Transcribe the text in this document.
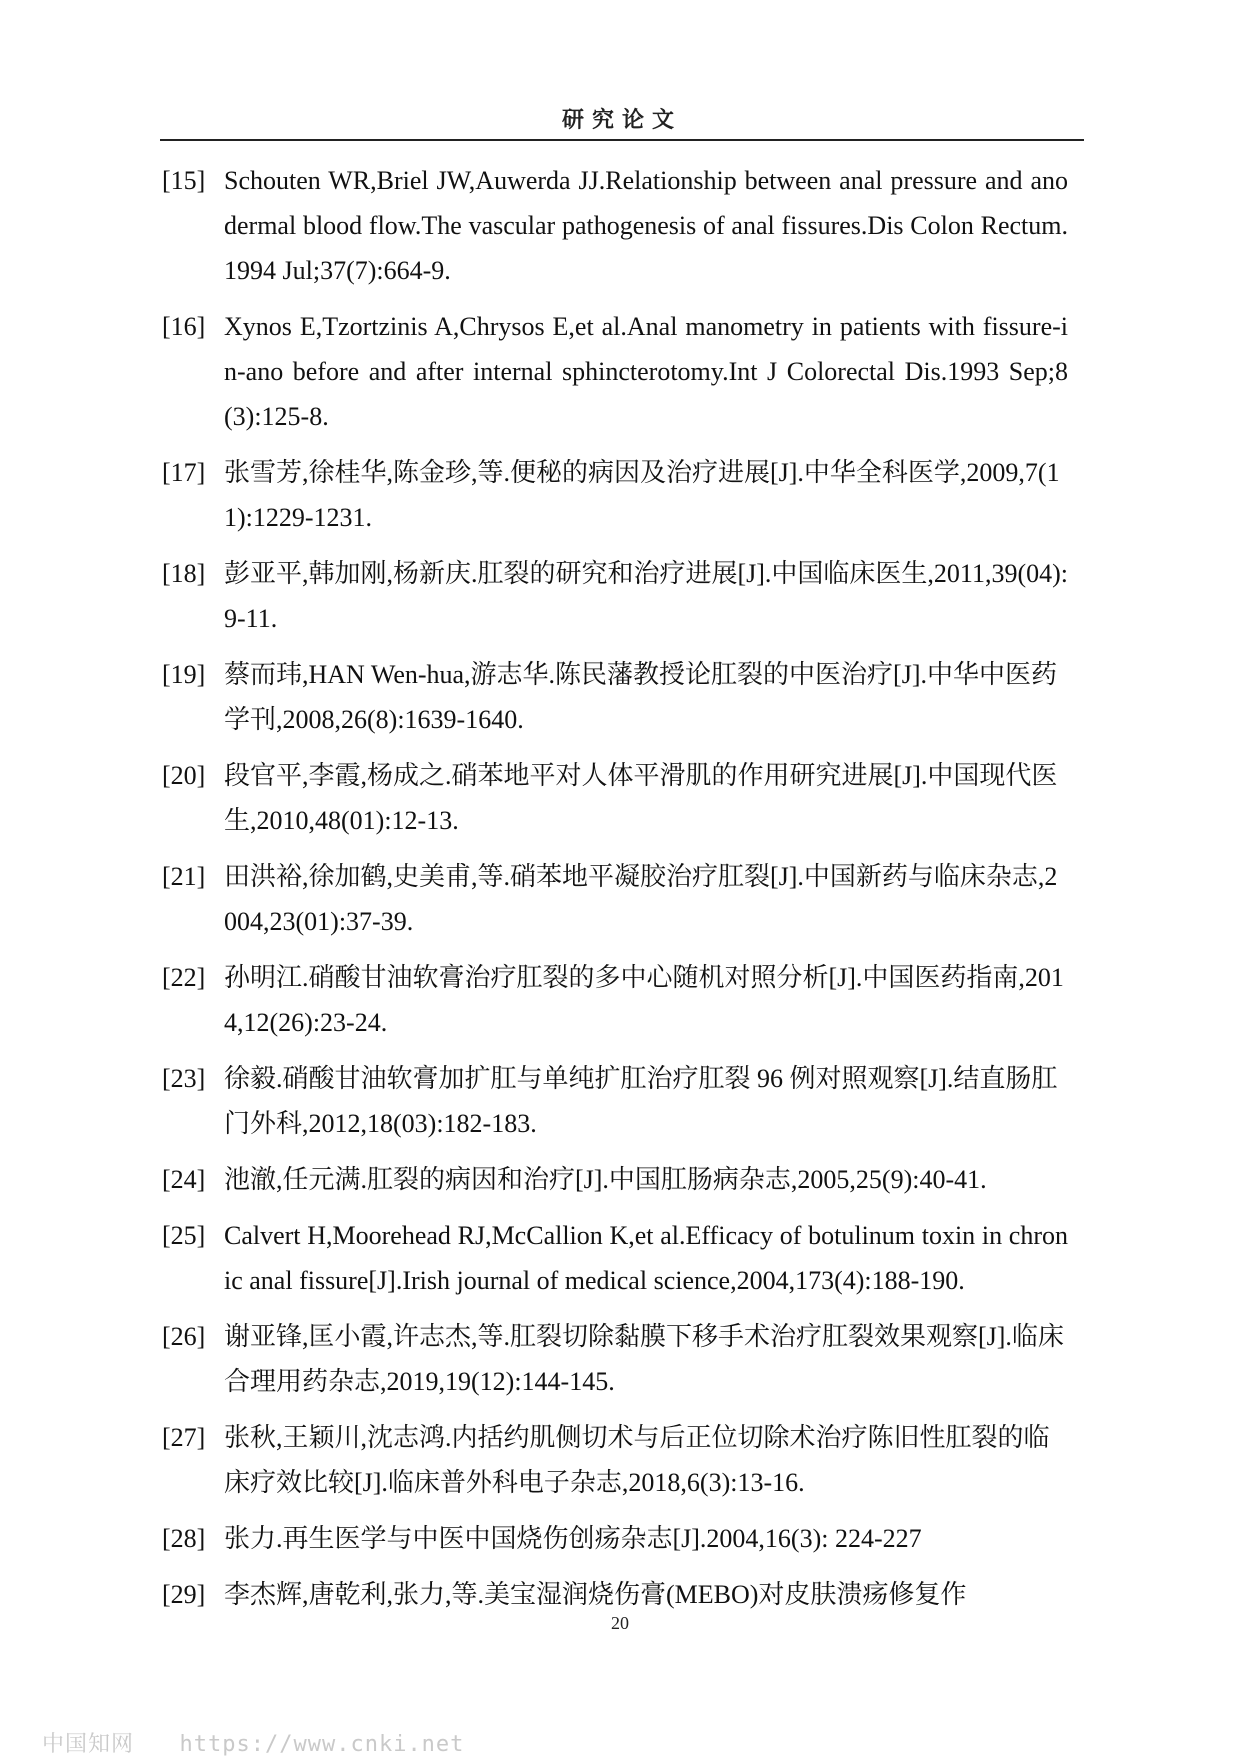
研究论文
[15] Schouten WR,Briel JW,Auwerda JJ.Relationship between anal pressure and anodermal blood flow.The vascular pathogenesis of anal fissures.Dis Colon Rectum.1994 Jul;37(7):664-9.
[16] Xynos E,Tzortzinis A,Chrysos E,et al.Anal manometry in patients with fissure-in-ano before and after internal sphincterotomy.Int J Colorectal Dis.1993 Sep;8(3):125-8.
[17] 张雪芳,徐桂华,陈金珍,等.便秘的病因及治疗进展[J].中华全科医学,2009,7(11):1229-1231.
[18] 彭亚平,韩加刚,杨新庆.肛裂的研究和治疗进展[J].中国临床医生,2011,39(04):9-11.
[19] 蔡而玮,HAN Wen-hua,游志华.陈民藩教授论肛裂的中医治疗[J].中华中医药学刊,2008,26(8):1639-1640.
[20] 段官平,李霞,杨成之.硝苯地平对人体平滑肌的作用研究进展[J].中国现代医生,2010,48(01):12-13.
[21] 田洪裕,徐加鹤,史美甫,等.硝苯地平凝胶治疗肛裂[J].中国新药与临床杂志,2004,23(01):37-39.
[22] 孙明江.硝酸甘油软膏治疗肛裂的多中心随机对照分析[J].中国医药指南,2014,12(26):23-24.
[23] 徐毅.硝酸甘油软膏加扩肛与单纯扩肛治疗肛裂 96 例对照观察[J].结直肠肛门外科,2012,18(03):182-183.
[24] 池澈,任元满.肛裂的病因和治疗[J].中国肛肠病杂志,2005,25(9):40-41.
[25] Calvert H,Moorehead RJ,McCallion K,et al.Efficacy of botulinum toxin in chronic anal fissure[J].Irish journal of medical science,2004,173(4):188-190.
[26] 谢亚锋,匡小霞,许志杰,等.肛裂切除黏膜下移手术治疗肛裂效果观察[J].临床合理用药杂志,2019,19(12):144-145.
[27] 张秋,王颖川,沈志鸿.内括约肌侧切术与后正位切除术治疗陈旧性肛裂的临床疗效比较[J].临床普外科电子杂志,2018,6(3):13-16.
[28] 张力.再生医学与中医中国烧伤创疡杂志[J].2004,16(3): 224-227
[29] 李杰辉,唐乾利,张力,等.美宝湿润烧伤膏(MEBO)对皮肤溃疡修复作
20
中国知网 https://www.cnki.net
